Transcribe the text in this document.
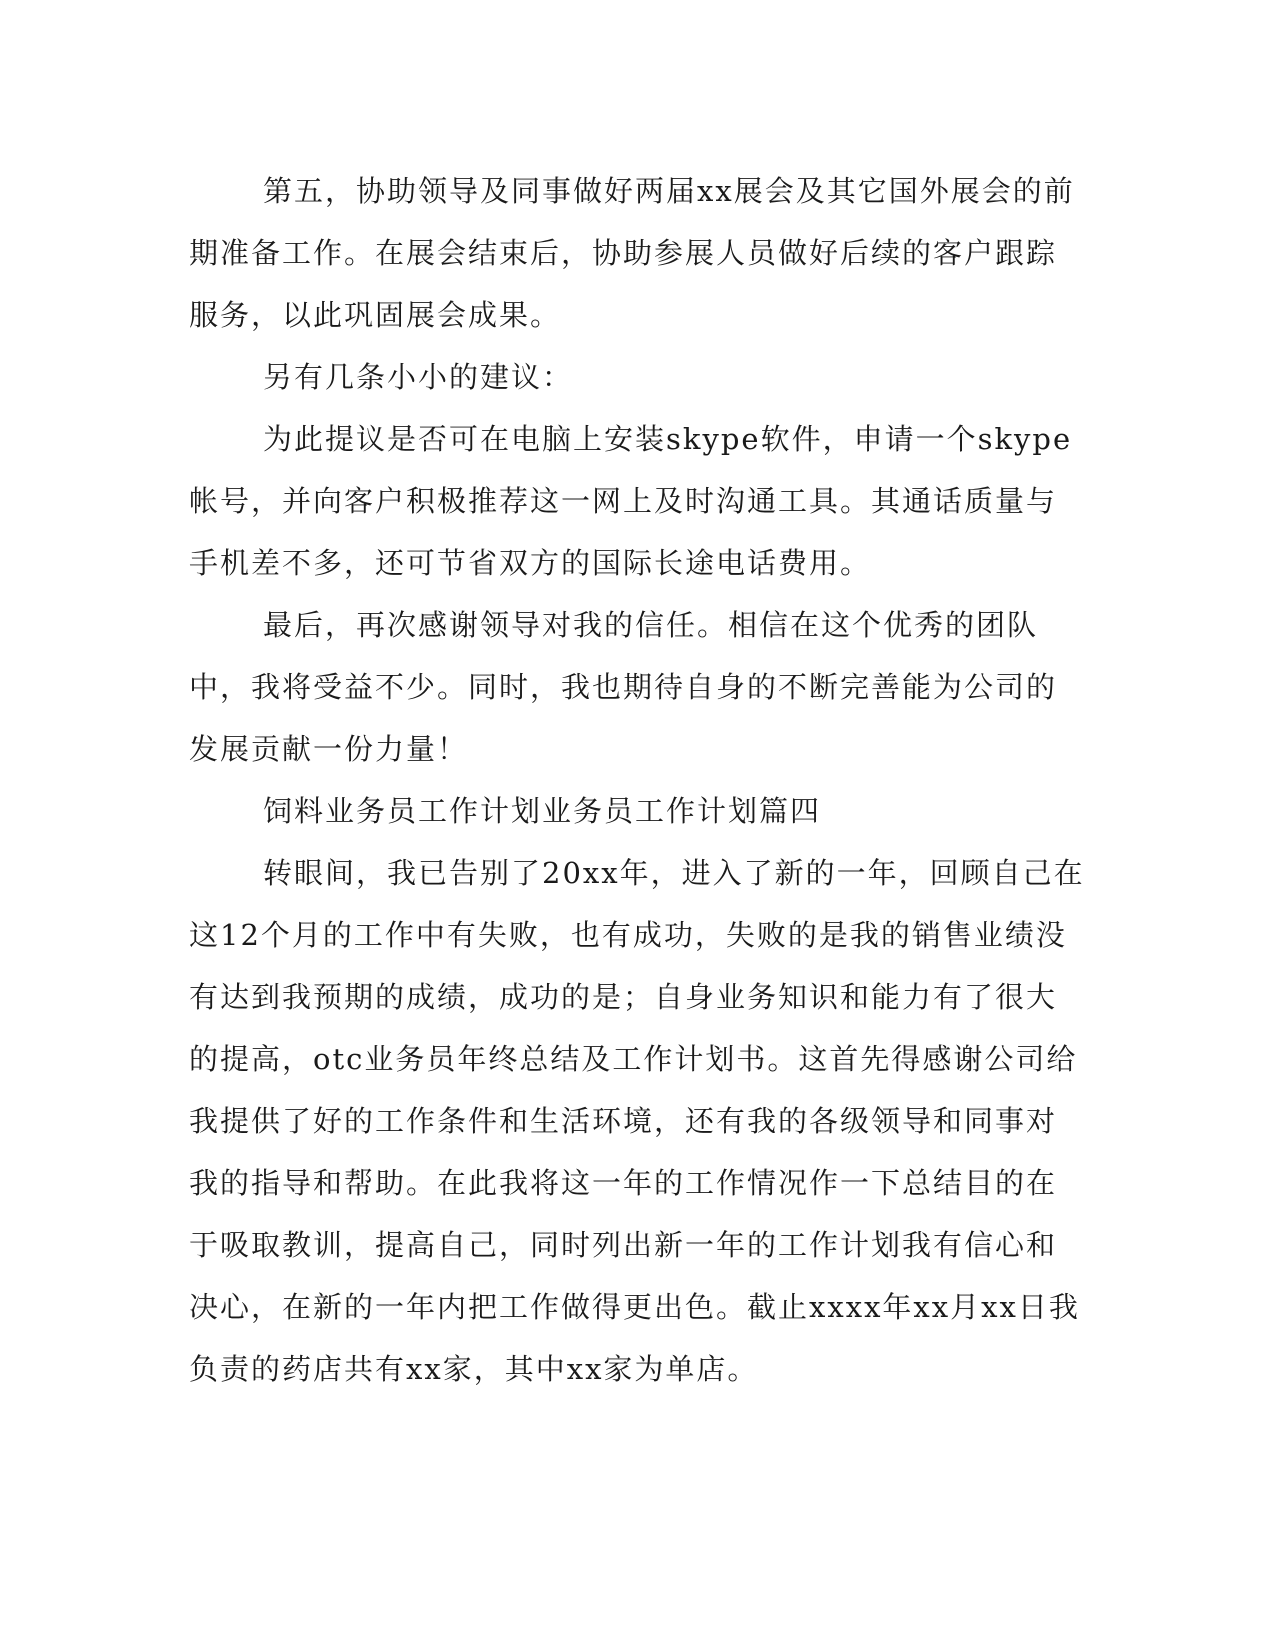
第五，协助领导及同事做好两届xx展会及其它国外展会的前期准备工作。在展会结束后，协助参展人员做好后续的客户跟踪服务，以此巩固展会成果。

另有几条小小的建议：

为此提议是否可在电脑上安装skype软件，申请一个skype帐号，并向客户积极推荐这一网上及时沟通工具。其通话质量与手机差不多，还可节省双方的国际长途电话费用。

最后，再次感谢领导对我的信任。相信在这个优秀的团队中，我将受益不少。同时，我也期待自身的不断完善能为公司的发展贡献一份力量！

饲料业务员工作计划业务员工作计划篇四

转眼间，我已告别了20xx年，进入了新的一年，回顾自己在这12个月的工作中有失败，也有成功，失败的是我的销售业绩没有达到我预期的成绩，成功的是；自身业务知识和能力有了很大的提高，otc业务员年终总结及工作计划书。这首先得感谢公司给我提供了好的工作条件和生活环境，还有我的各级领导和同事对我的指导和帮助。在此我将这一年的工作情况作一下总结目的在于吸取教训，提高自己，同时列出新一年的工作计划我有信心和决心，在新的一年内把工作做得更出色。截止xxxx年xx月xx日我负责的药店共有xx家，其中xx家为单店。
